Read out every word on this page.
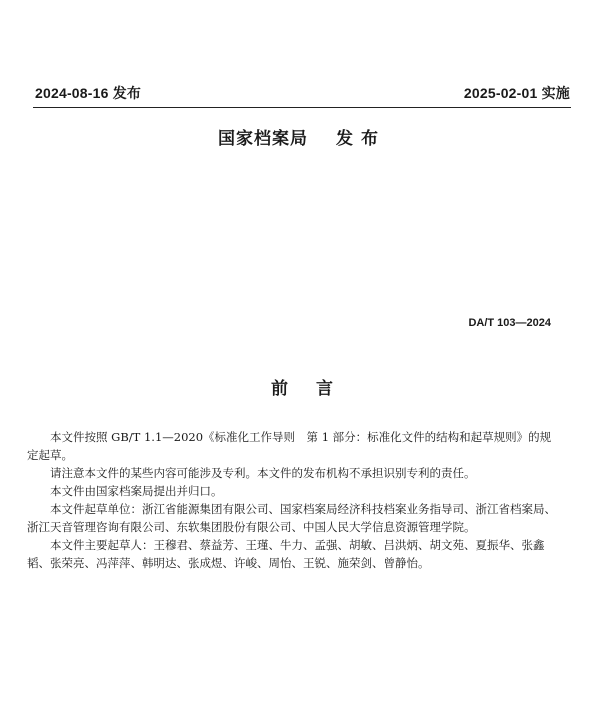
2024-08-16 发布	2025-02-01 实施
国家档案局 发布
DA/T 103—2024
前言

本文件按照 GB/T 1.1—2020《标准化工作导则　第 1 部分：标准化文件的结构和起草规则》的规定起草。

请注意本文件的某些内容可能涉及专利。本文件的发布机构不承担识别专利的责任。

本文件由国家档案局提出并归口。

本文件起草单位：浙江省能源集团有限公司、国家档案局经济科技档案业务指导司、浙江省档案局、浙江天音管理咨询有限公司、东软集团股份有限公司、中国人民大学信息资源管理学院。

本文件主要起草人：王穆君、蔡益芳、王瑾、牛力、孟强、胡敏、吕洪炳、胡文苑、夏振华、张鑫韬、张荣亮、冯萍萍、韩明达、张成煜、许峻、周怡、王锐、施荣剑、曾静怡。
